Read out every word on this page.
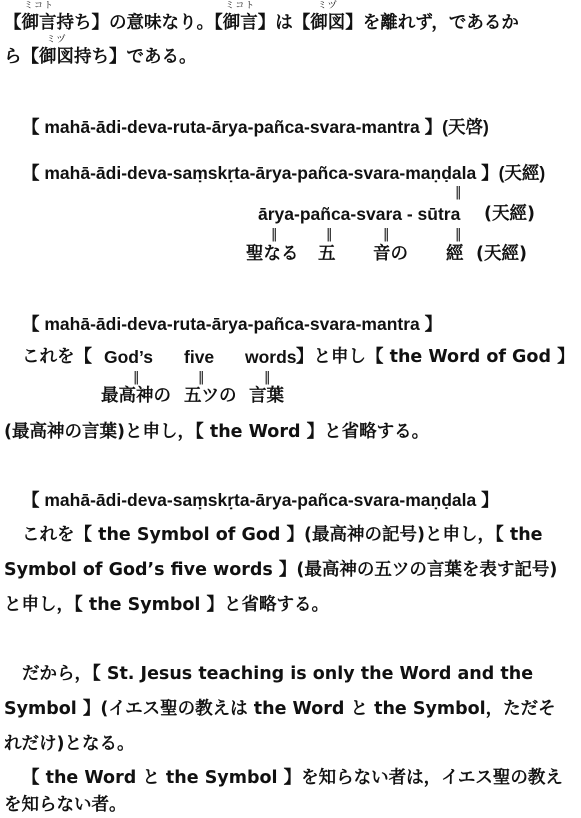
【
ミコト
御言持ち】の意味なり。【
ミコト
御言】は【
ミヅ
御図】を離れず，であるか
ら【
ミヅ
御図持ち】である。
【 mahā-ādi-deva-ruta-ārya-pañca-svara-mantra 】(天啓)
【 mahā-ādi-deva-saṃskṛta-ārya-pañca-svara-maṇḍala 】(天經)
‖
ārya-pañca-svara - sūtra (天經)
‖	‖	‖	‖
聖なる 五 音の 經 (天經)
【 mahā-ādi-deva-ruta-ārya-pañca-svara-mantra 】
これを【 God’s five words 】と申し【 the Word of God 】
‖	‖	‖
最高神の 五ツの 言葉
(最高神の言葉)と申し，【 the Word 】と省略する。
【 mahā-ādi-deva-saṃskṛta-ārya-pañca-svara-maṇḍala 】
これを【 the Symbol of God 】(最高神の記号)と申し，【 the
Symbol of God’s five words 】(最高神の五ツの言葉を表す記号)
と申し，【 the Symbol 】と省略する。
だから，【 St. Jesus teaching is only the Word and the
Symbol 】(イエス聖の教えは the Word と the Symbol，ただそ
れだけ)となる。
【 the Word と the Symbol 】を知らない者は，イエス聖の教え
を知らない者。
